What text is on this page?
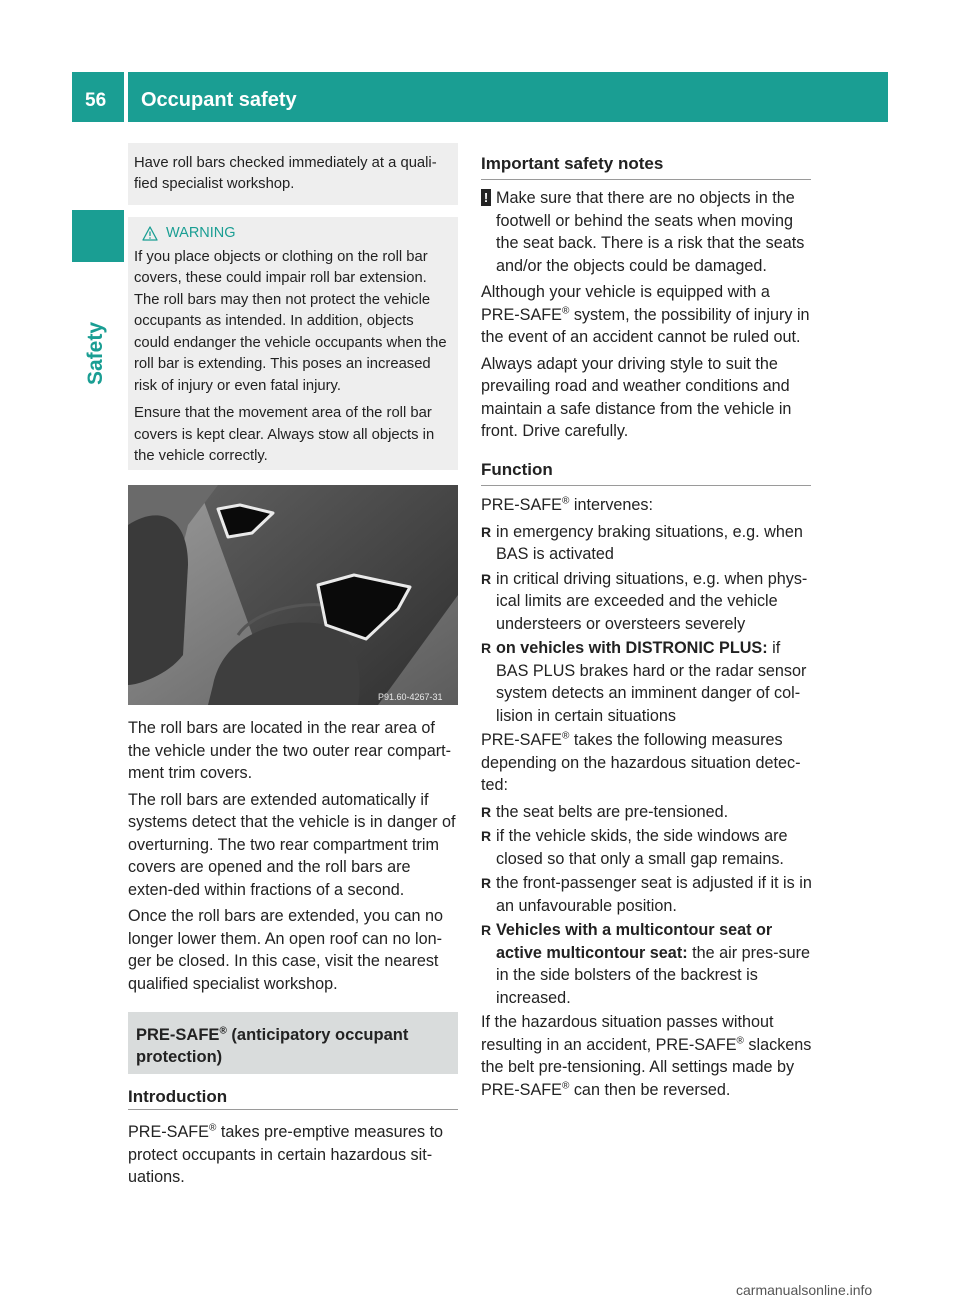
56	Occupant safety
Safety
Have roll bars checked immediately at a quali-fied specialist workshop.
WARNING

If you place objects or clothing on the roll bar covers, these could impair roll bar extension. The roll bars may then not protect the vehicle occupants as intended. In addition, objects could endanger the vehicle occupants when the roll bar is extending. This poses an increased risk of injury or even fatal injury.

Ensure that the movement area of the roll bar covers is kept clear. Always stow all objects in the vehicle correctly.

P91.60-4267-31

The roll bars are located in the rear area of the vehicle under the two outer rear compart-ment trim covers.

The roll bars are extended automatically if systems detect that the vehicle is in danger of overturning. The two rear compartment trim covers are opened and the roll bars are exten-ded within fractions of a second.

Once the roll bars are extended, you can no longer lower them. An open roof can no lon-ger be closed. In this case, visit the nearest qualified specialist workshop.

PRE-SAFE® (anticipatory occupant protection)
Introduction

PRE-SAFE® takes pre-emptive measures to protect occupants in certain hazardous sit-uations.

Important safety notes
! Make sure that there are no objects in the footwell or behind the seats when moving the seat back. There is a risk that the seats and/or the objects could be damaged.

Although your vehicle is equipped with a PRE-SAFE® system, the possibility of injury in the event of an accident cannot be ruled out.

Always adapt your driving style to suit the prevailing road and weather conditions and maintain a safe distance from the vehicle in front. Drive carefully.

Function

PRE-SAFE® intervenes:

R in emergency braking situations, e.g. when BAS is activated
R in critical driving situations, e.g. when phys-ical limits are exceeded and the vehicle understeers or oversteers severely
R on vehicles with DISTRONIC PLUS: if BAS PLUS brakes hard or the radar sensor system detects an imminent danger of col-lision in certain situations

PRE-SAFE® takes the following measures depending on the hazardous situation detec-ted:

R the seat belts are pre-tensioned.
R if the vehicle skids, the side windows are closed so that only a small gap remains.
R the front-passenger seat is adjusted if it is in an unfavourable position.
R Vehicles with a multicontour seat or active multicontour seat: the air pres-sure in the side bolsters of the backrest is increased.

If the hazardous situation passes without resulting in an accident, PRE-SAFE® slackens the belt pre-tensioning. All settings made by PRE-SAFE® can then be reversed.

carmanualsonline.info
